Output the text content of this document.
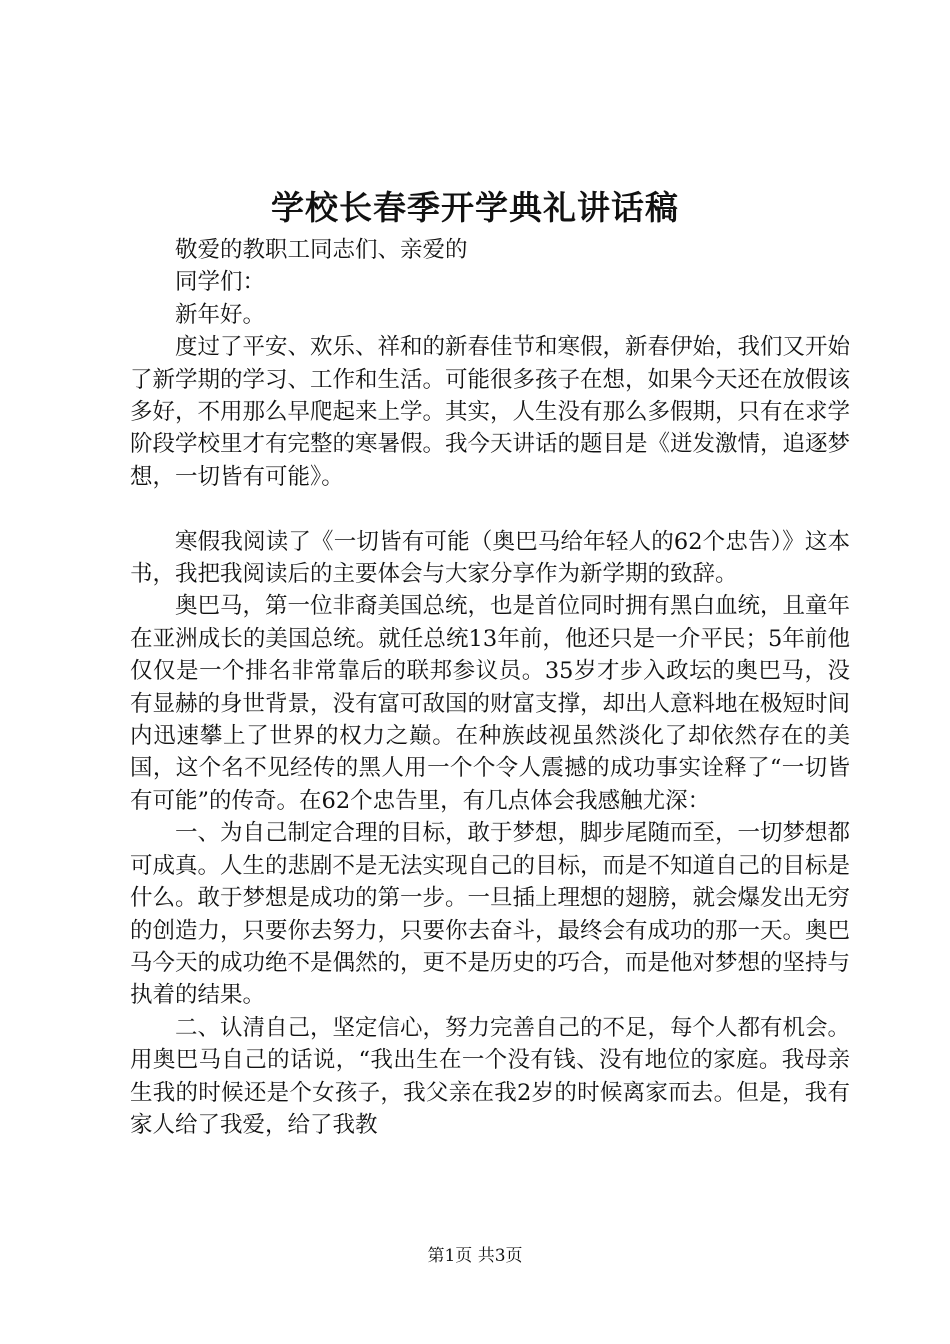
学校长春季开学典礼讲话稿

敬爱的教职工同志们、亲爱的

同学们：

新年好。

度过了平安、欢乐、祥和的新春佳节和寒假，新春伊始，我们又开始了新学期的学习、工作和生活。可能很多孩子在想，如果今天还在放假该多好，不用那么早爬起来上学。其实，人生没有那么多假期，只有在求学阶段学校里才有完整的寒暑假。我今天讲话的题目是《迸发激情，追逐梦想，一切皆有可能》。

寒假我阅读了《一切皆有可能（奥巴马给年轻人的62个忠告）》这本书，我把我阅读后的主要体会与大家分享作为新学期的致辞。

奥巴马，第一位非裔美国总统，也是首位同时拥有黑白血统，且童年在亚洲成长的美国总统。就任总统13年前，他还只是一介平民；5年前他仅仅是一个排名非常靠后的联邦参议员。35岁才步入政坛的奥巴马，没有显赫的身世背景，没有富可敌国的财富支撑，却出人意料地在极短时间内迅速攀上了世界的权力之巅。在种族歧视虽然淡化了却依然存在的美国，这个名不见经传的黑人用一个个令人震撼的成功事实诠释了“一切皆有可能”的传奇。在62个忠告里，有几点体会我感触尤深：

一、为自己制定合理的目标，敢于梦想，脚步尾随而至，一切梦想都可成真。人生的悲剧不是无法实现自己的目标，而是不知道自己的目标是什么。敢于梦想是成功的第一步。一旦插上理想的翅膀，就会爆发出无穷的创造力，只要你去努力，只要你去奋斗，最终会有成功的那一天。奥巴马今天的成功绝不是偶然的，更不是历史的巧合，而是他对梦想的坚持与执着的结果。

二、认清自己，坚定信心，努力完善自己的不足，每个人都有机会。用奥巴马自己的话说，“我出生在一个没有钱、没有地位的家庭。我母亲生我的时候还是个女孩子，我父亲在我2岁的时候离家而去。但是，我有家人给了我爱，给了我教

第1页 共3页
